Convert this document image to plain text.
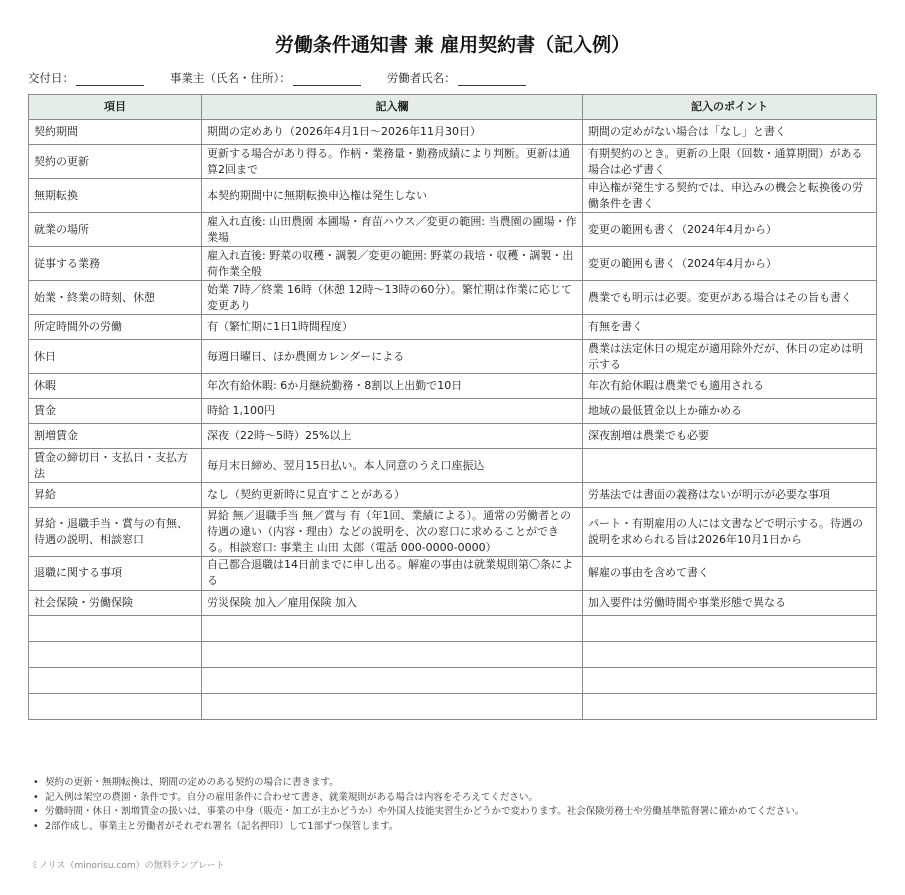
労働条件通知書 兼 雇用契約書（記入例）
交付日：	事業主（氏名・住所）：	労働者氏名：
項目	記入欄	記入のポイント
契約期間	期間の定めあり（2026年4月1日〜2026年11月30日）	期間の定めがない場合は「なし」と書く
契約の更新	更新する場合があり得る。作柄・業務量・勤務成績により判断。更新は通算2回まで	有期契約のとき。更新の上限（回数・通算期間）がある場合は必ず書く
無期転換	本契約期間中に無期転換申込権は発生しない	申込権が発生する契約では、申込みの機会と転換後の労働条件を書く
就業の場所	雇入れ直後: 山田農園 本圃場・育苗ハウス／変更の範囲: 当農園の圃場・作業場	変更の範囲も書く（2024年4月から）
従事する業務	雇入れ直後: 野菜の収穫・調製／変更の範囲: 野菜の栽培・収穫・調製・出荷作業全般	変更の範囲も書く（2024年4月から）
始業・終業の時刻、休憩	始業 7時／終業 16時（休憩 12時〜13時の60分）。繁忙期は作業に応じて変更あり	農業でも明示は必要。変更がある場合はその旨も書く
所定時間外の労働	有（繁忙期に1日1時間程度）	有無を書く
休日	毎週日曜日、ほか農園カレンダーによる	農業は法定休日の規定が適用除外だが、休日の定めは明示する
休暇	年次有給休暇: 6か月継続勤務・8割以上出勤で10日	年次有給休暇は農業でも適用される
賃金	時給 1,100円	地域の最低賃金以上か確かめる
割増賃金	深夜（22時〜5時）25%以上	深夜割増は農業でも必要
賃金の締切日・支払日・支払方法	毎月末日締め、翌月15日払い。本人同意のうえ口座振込	
昇給	なし（契約更新時に見直すことがある）	労基法では書面の義務はないが明示が必要な事項
昇給・退職手当・賞与の有無、待遇の説明、相談窓口	昇給 無／退職手当 無／賞与 有（年1回、業績による）。通常の労働者との待遇の違い（内容・理由）などの説明を、次の窓口に求めることができる。相談窓口: 事業主 山田 太郎（電話 000-0000-0000）	パート・有期雇用の人には文書などで明示する。待遇の説明を求められる旨は2026年10月1日から
退職に関する事項	自己都合退職は14日前までに申し出る。解雇の事由は就業規則第〇条による	解雇の事由を含めて書く
社会保険・労働保険	労災保険 加入／雇用保険 加入	加入要件は労働時間や事業形態で異なる

• 契約の更新・無期転換は、期間の定めのある契約の場合に書きます。
• 記入例は架空の農園・条件です。自分の雇用条件に合わせて書き、就業規則がある場合は内容をそろえてください。
• 労働時間・休日・割増賃金の扱いは、事業の中身（販売・加工が主かどうか）や外国人技能実習生かどうかで変わります。社会保険労務士や労働基準監督署に確かめてください。
• 2部作成し、事業主と労働者がそれぞれ署名（記名押印）して1部ずつ保管します。
ミノリス（minorisu.com）の無料テンプレート
